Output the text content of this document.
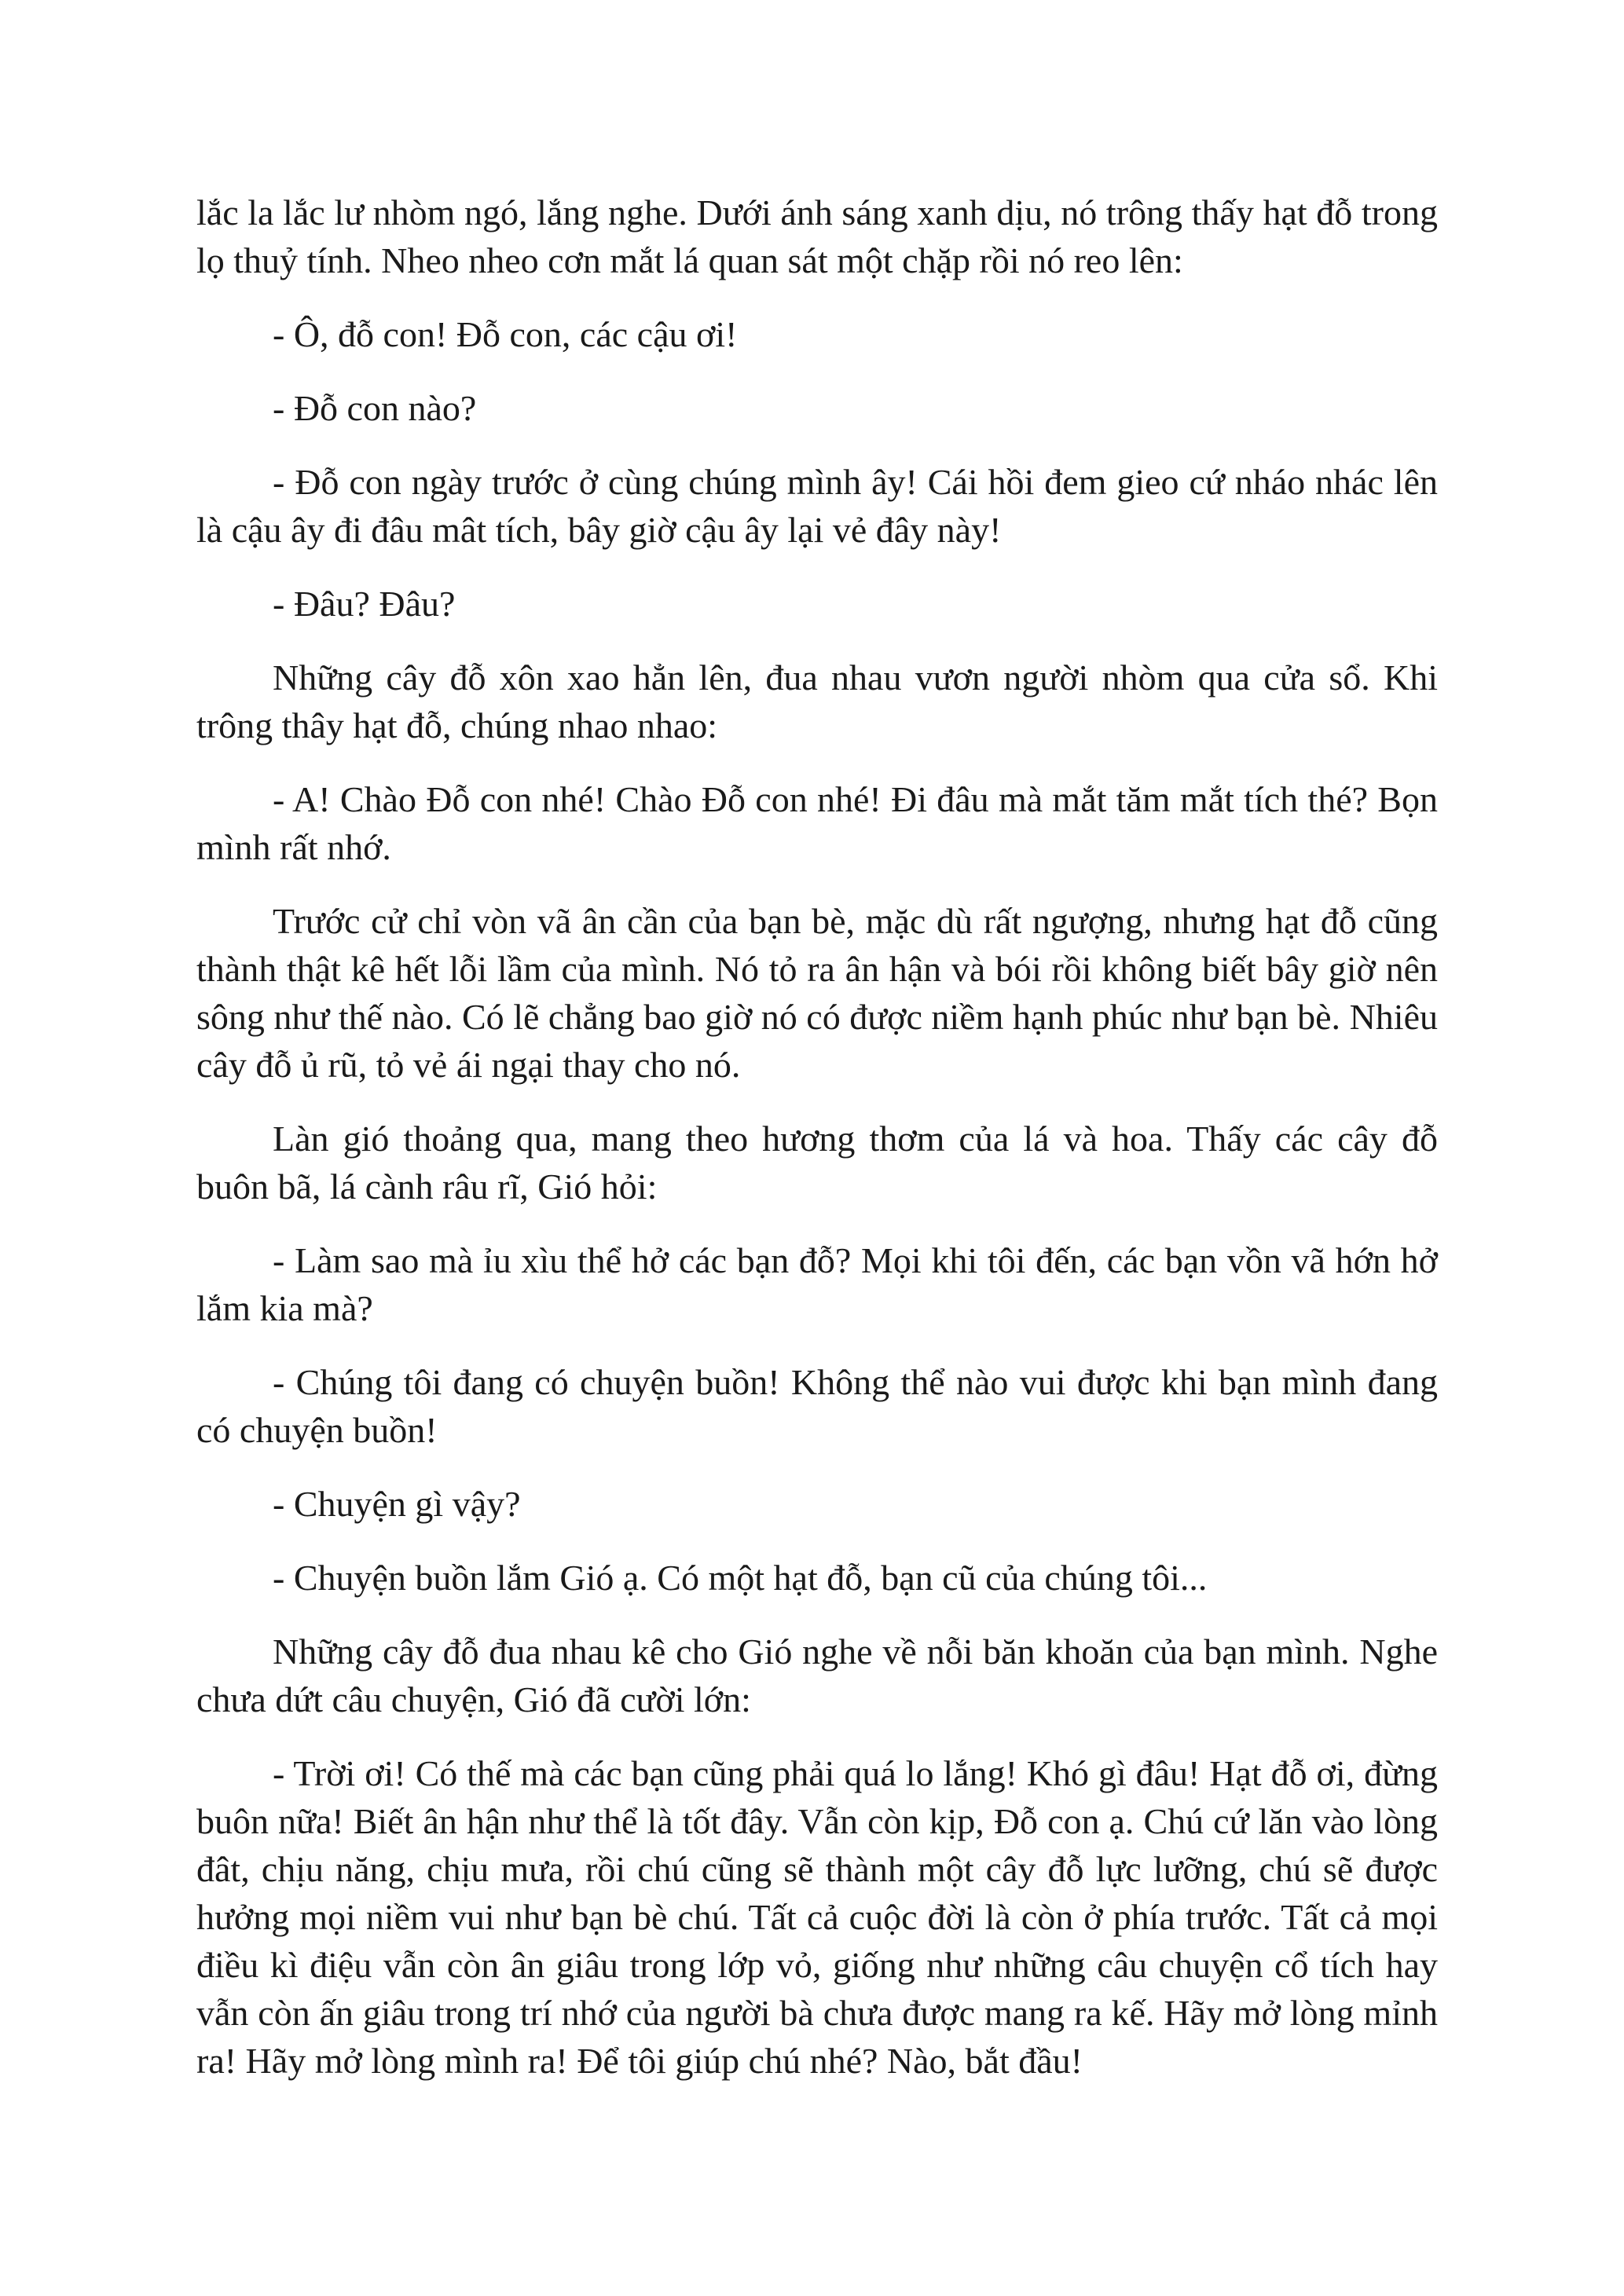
lắc la lắc lư nhòm ngó, lắng nghe. Dưới ánh sáng xanh dịu, nó trông thấy hạt đỗ trong lọ thuỷ tính. Nheo nheo cơn mắt lá quan sát một chặp rồi nó reo lên:

- Ô, đỗ con! Đỗ con, các cậu ơi!

- Đỗ con nào?

- Đỗ con ngày trước ở cùng chúng mình ây! Cái hồi đem gieo cứ nháo nhác lên là cậu ây đi đâu mât tích, bây giờ cậu ây lại vẻ đây này!

- Đâu? Đâu?

Những cây đỗ xôn xao hẳn lên, đua nhau vươn người nhòm qua cửa sổ. Khi trông thây hạt đỗ, chúng nhao nhao:

- A! Chào Đỗ con nhé! Chào Đỗ con nhé! Đi đâu mà mắt tăm mắt tích thé? Bọn mình rất nhớ.

Trước cử chỉ vòn vã ân cần của bạn bè, mặc dù rất ngượng, nhưng hạt đỗ cũng thành thật kê hết lỗi lầm của mình. Nó tỏ ra ân hận và bói rồi không biết bây giờ nên sông như thế nào. Có lẽ chẳng bao giờ nó có được niềm hạnh phúc như bạn bè. Nhiêu cây đỗ ủ rũ, tỏ vẻ ái ngại thay cho nó.

Làn gió thoảng qua, mang theo hương thơm của lá và hoa. Thấy các cây đỗ buôn bã, lá cành râu rĩ, Gió hỏi:

- Làm sao mà ỉu xìu thể hở các bạn đỗ? Mọi khi tôi đến, các bạn vồn vã hớn hở lắm kia mà?

- Chúng tôi đang có chuyện buồn! Không thể nào vui được khi bạn mình đang có chuyện buồn!

- Chuyện gì vậy?

- Chuyện buồn lắm Gió ạ. Có một hạt đỗ, bạn cũ của chúng tôi...

Những cây đỗ đua nhau kê cho Gió nghe về nỗi băn khoăn của bạn mình. Nghe chưa dứt câu chuyện, Gió đã cười lớn:

- Trời ơi! Có thế mà các bạn cũng phải quá lo lắng! Khó gì đâu! Hạt đỗ ơi, đừng buôn nữa! Biết ân hận như thể là tốt đây. Vẫn còn kịp, Đỗ con ạ. Chú cứ lăn vào lòng đât, chịu năng, chịu mưa, rồi chú cũng sẽ thành một cây đỗ lực lưỡng, chú sẽ được hưởng mọi niềm vui như bạn bè chú. Tất cả cuộc đời là còn ở phía trước. Tất cả mọi điều kì điệu vẫn còn ân giâu trong lớp vỏ, giống như những câu chuyện cổ tích hay vẫn còn ấn giâu trong trí nhớ của người bà chưa được mang ra kế. Hãy mở lòng mỉnh ra! Hãy mở lòng mình ra! Để tôi giúp chú nhé? Nào, bắt đầu!
